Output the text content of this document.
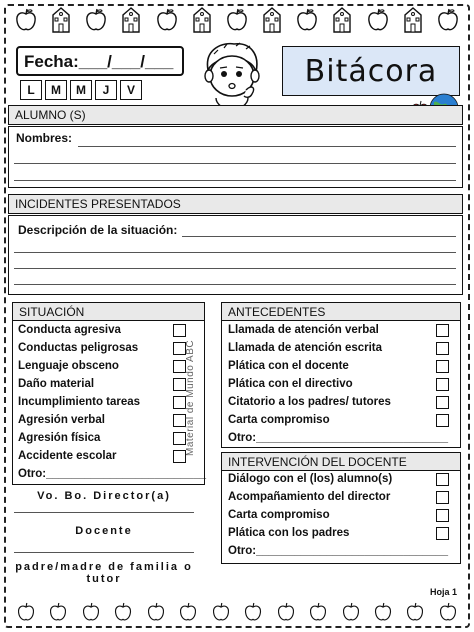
Fecha:___/___/___
L	M	M	J	V
Bitácora
ALUMNO (S)
Nombres:
INCIDENTES PRESENTADOS
Descripción de la situación:
SITUACIÓN
Conducta agresiva
Conductas peligrosas
Lenguaje obsceno
Daño material
Incumplimiento tareas
Agresión verbal
Agresión física
Accidente escolar
Otro:_________________________
Material de Mundo ABC
ANTECEDENTES
Llamada de atención verbal
Llamada de atención escrita
Plática con el docente
Plática con el directivo
Citatorio a los padres/ tutores
Carta compromiso
Otro:______________________________
INTERVENCIÓN DEL DOCENTE
Diálogo con el (los) alumno(s)
Acompañamiento del director
Carta compromiso
Plática con los padres
Otro:______________________________
Vo. Bo. Director(a)
Docente
padre/madre de familia o
tutor
Hoja 1
